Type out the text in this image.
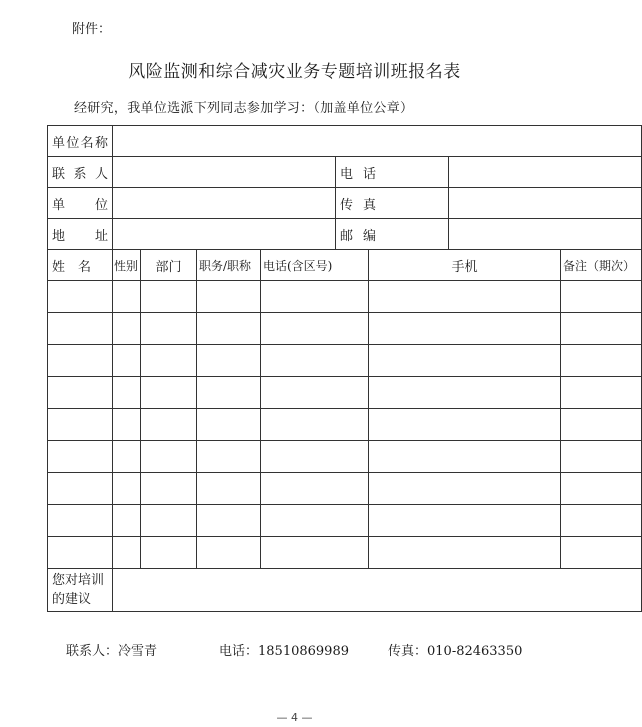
附件：
风险监测和综合减灾业务专题培训班报名表
经研究，我单位选派下列同志参加学习：（加盖单位公章）
单位名称								

联系人					电话			

单位					传真			

地址					邮编			

姓　名	性别	部门	职务/职称	电话(含区号)		手机		备注（期次）

您对培训的建议								
联系人：冷雪青	电话：18510869989	传真：010-82463350
— 4 —
